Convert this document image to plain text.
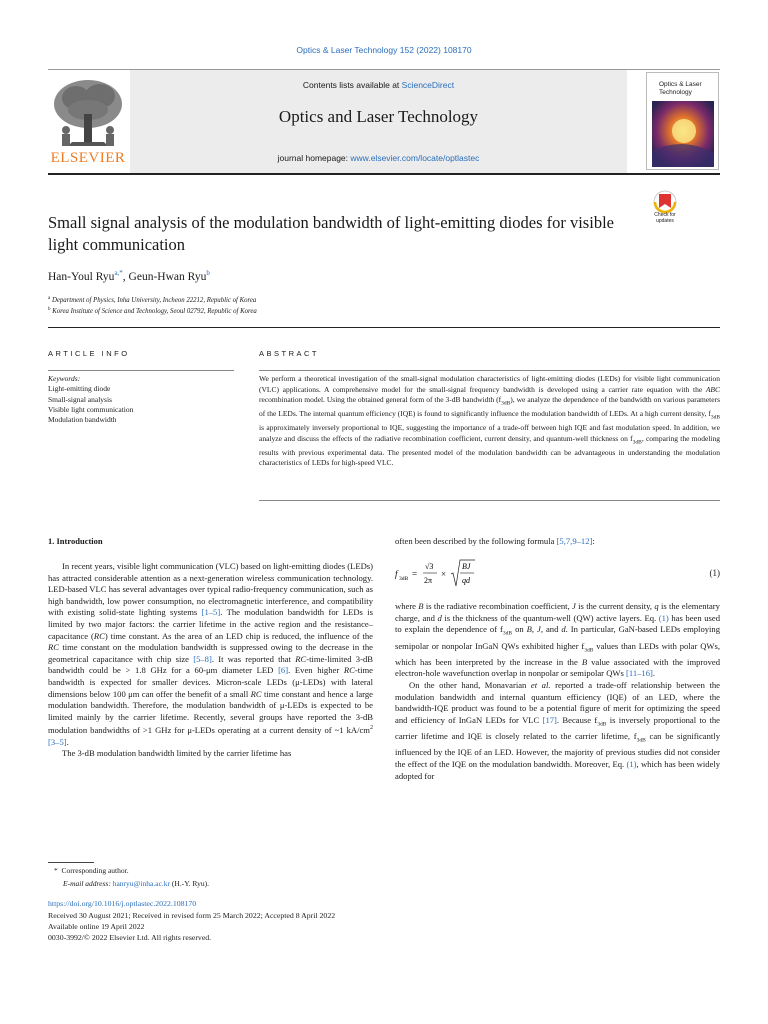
Optics & Laser Technology 152 (2022) 108170
ELSEVIER
Contents lists available at ScienceDirect
Optics and Laser Technology
journal homepage: www.elsevier.com/locate/optlastec
Optics & Laser Technology
Small signal analysis of the modulation bandwidth of light-emitting diodes for visible light communication
Check for updates
Han-Youl Ryu$^{a,*}$, Geun-Hwan Ryu$^b$
$^a$ Department of Physics, Inha University, Incheon 22212, Republic of Korea
$^b$ Korea Institute of Science and Technology, Seoul 02792, Republic of Korea
ARTICLE INFO	ABSTRACT
Keywords:
Light-emitting diode
Small-signal analysis
Visible light communication
Modulation bandwidth
We perform a theoretical investigation of the small-signal modulation characteristics of light-emitting diodes (LEDs) for visible light communication (VLC) applications. A comprehensive model for the small-signal frequency bandwidth is developed using a carrier rate equation with the ABC recombination model. Using the obtained general form of the 3-dB bandwidth $(f_{3dB})$, we analyze the dependence of the bandwidth on various parameters of the LEDs. The internal quantum efficiency (IQE) is found to significantly influence the modulation bandwidth of LEDs. At a high current density, $f_{3dB}$ is approximately inversely proportional to IQE, suggesting the importance of a trade-off between high IQE and fast modulation speed. In addition, we analyze and discuss the effects of the radiative recombination coefficient, current density, and quantum-well thickness on $f_{3dB}$, comparing the modeling results with previous experimental data. The presented model of the modulation bandwidth can be advantageous in understanding the modulation characteristics of LEDs for high-speed VLC.
1. Introduction

In recent years, visible light communication (VLC) based on light-emitting diodes (LEDs) has attracted considerable attention as a next-generation wireless communication technology. LED-based VLC has several advantages over typical radio-frequency communication, such as high bandwidth, low power consumption, no electromagnetic interference, and compatibility with existing solid-state lighting systems [1–5]. The modulation bandwidth for LEDs is limited by two major factors: the carrier lifetime in the active region and the resistance–capacitance (RC) time constant. As the area of an LED chip is reduced, the influence of the RC time constant on the modulation bandwidth is suppressed owing to the decrease in the geometrical capacitance with chip size [5–8]. It was reported that RC-time-limited 3-dB bandwidth could be > 1.8 GHz for a 60-μm diameter LED [6]. Even higher RC-time bandwidth is expected for smaller devices. Micron-scale LEDs (μ-LEDs) with lateral dimensions below 100 μm can offer the benefit of a small RC time constant and hence a large modulation bandwidth. Therefore, the modulation bandwidth of μ-LEDs is expected to be limited mainly by the carrier lifetime. Recently, several groups have reported the 3-dB modulation bandwidths of >1 GHz for μ-LEDs operating at a current density of ~1 $kA/cm^2$ [3–5].

The 3-dB modulation bandwidth limited by the carrier lifetime has

often been described by the following formula [5,7,9–12]:

f 3dB =
√3
2π
×
BJ
qd
(1)

where B is the radiative recombination coefficient, J is the current density, q is the elementary charge, and d is the thickness of the quantum-well (QW) active layers. Eq. (1) has been used to explain the dependence of $f_{3dB}$ on B, J, and d. In particular, GaN-based LEDs employing semipolar or nonpolar InGaN QWs exhibited higher $f_{3dB}$ values than LEDs with polar QWs, which has been interpreted by the increase in the B value associated with the improved electron-hole wavefunction overlap in nonpolar or semipolar QWs [11–16].

On the other hand, Monavarian et al. reported a trade-off relationship between the modulation bandwidth and internal quantum efficiency (IQE) of an LED, where the bandwidth-IQE product was found to be a potential figure of merit for optimizing the speed and efficiency of InGaN LEDs for VLC [17]. Because $f_{3dB}$ is inversely proportional to the carrier lifetime and IQE is closely related to the carrier lifetime, $f_{3dB}$ can be significantly influenced by the IQE of an LED. However, the majority of previous studies did not consider the effect of the IQE on the modulation bandwidth. Moreover, Eq. (1), which has been widely adopted for

* Corresponding author.
E-mail address: hanryu@inha.ac.kr (H.-Y. Ryu).
https://doi.org/10.1016/j.optlastec.2022.108170
Received 30 August 2021; Received in revised form 25 March 2022; Accepted 8 April 2022
Available online 19 April 2022
0030-3992/© 2022 Elsevier Ltd. All rights reserved.
